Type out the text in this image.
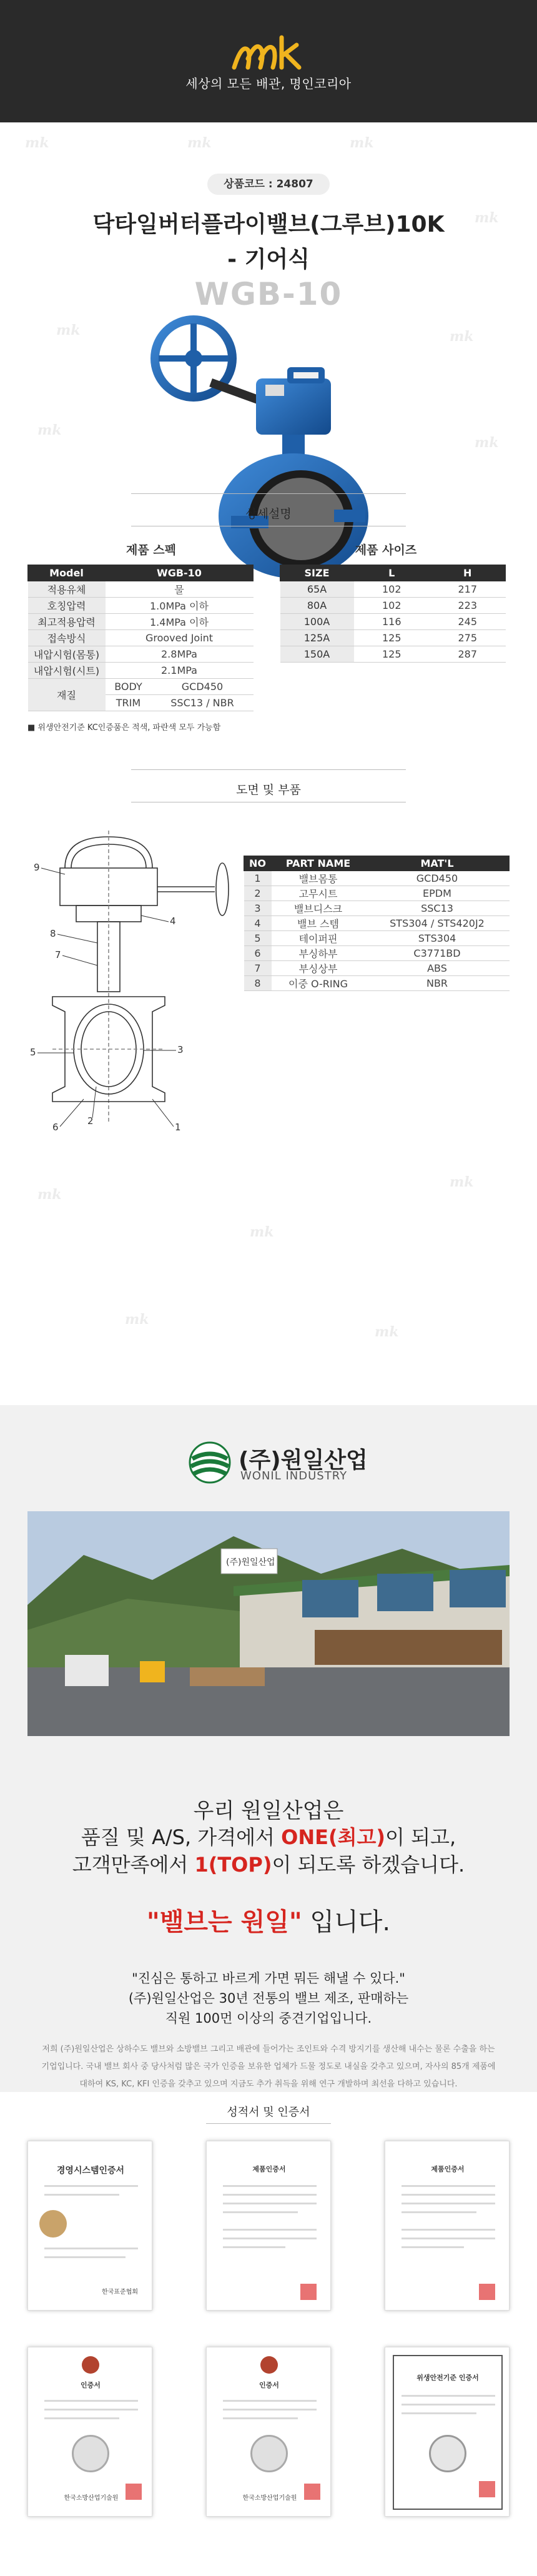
세상의 모든 배관, 명인코리아
mk	mk	mk
mk
mk	mk
mk
mk
상품코드 : 24807
닥타일버터플라이밸브(그루브)10K
- 기어식
WGB-10
상세설명
제품 스펙	제품 사이즈
Model	WGB-10	
적용유체	물	
호칭압력	1.0MPa 이하	
최고적용압력	1.4MPa 이하	
접속방식	Grooved Joint	
내압시험(몸통)	2.8MPa	
내압시험(시트)	2.1MPa	
재질	BODY	GCD450
	TRIM	SSC13 / NBR
SIZE	L	H
65A	102	217
80A	102	223
100A	116	245
125A	125	275
150A	125	287
■ 위생안전기준 KC인증품은 적색, 파란색 모두 가능함
도면 및 부품
9
4
8
7
5	3
6
2
1
NO	PART NAME	MAT'L
1	밸브몸통	GCD450
2	고무시트	EPDM
3	밸브디스크	SSC13
4	밸브 스템	STS304 / STS420J2
5	테이퍼핀	STS304
6	부싱하부	C3771BD
7	부싱상부	ABS
8	이중 O-RING	NBR
mk
mk
mk
mk
mk
(주)원일산업
WONIL INDUSTRY
(주)원일산업
우리 원일산업은
품질 및 A/S, 가격에서 ONE(최고)이 되고,
고객만족에서 1(TOP)이 되도록 하겠습니다.
"밸브는 원일" 입니다.
"진심은 통하고 바르게 가면 뭐든 해낼 수 있다."
(주)원일산업은 30년 전통의 밸브 제조, 판매하는
직원 100먼 이상의 중견기업입니다.
저희 (주)원일산업은 상하수도 밸브와 소방밸브 그리고 배관에 들어가는 조인트와 수격 방지기를 생산해 내수는 물론 수출을 하는
기업입니다. 국내 밸브 회사 중 당사처럼 많은 국가 인증을 보유한 업체가 드물 정도로 내실을 갖추고 있으며, 자사의 85개 제품에
대하여 KS, KC, KFI 인증을 갖추고 있으며 지금도 추가 취득을 위해 연구 개발하며 최선을 다하고 있습니다.
성적서 및 인증서
경영시스템인증서
한국표준협회
제품인증서	제품인증서
인증서
한국소방산업기술원
인증서
한국소방산업기술원
위생안전기준 인증서
